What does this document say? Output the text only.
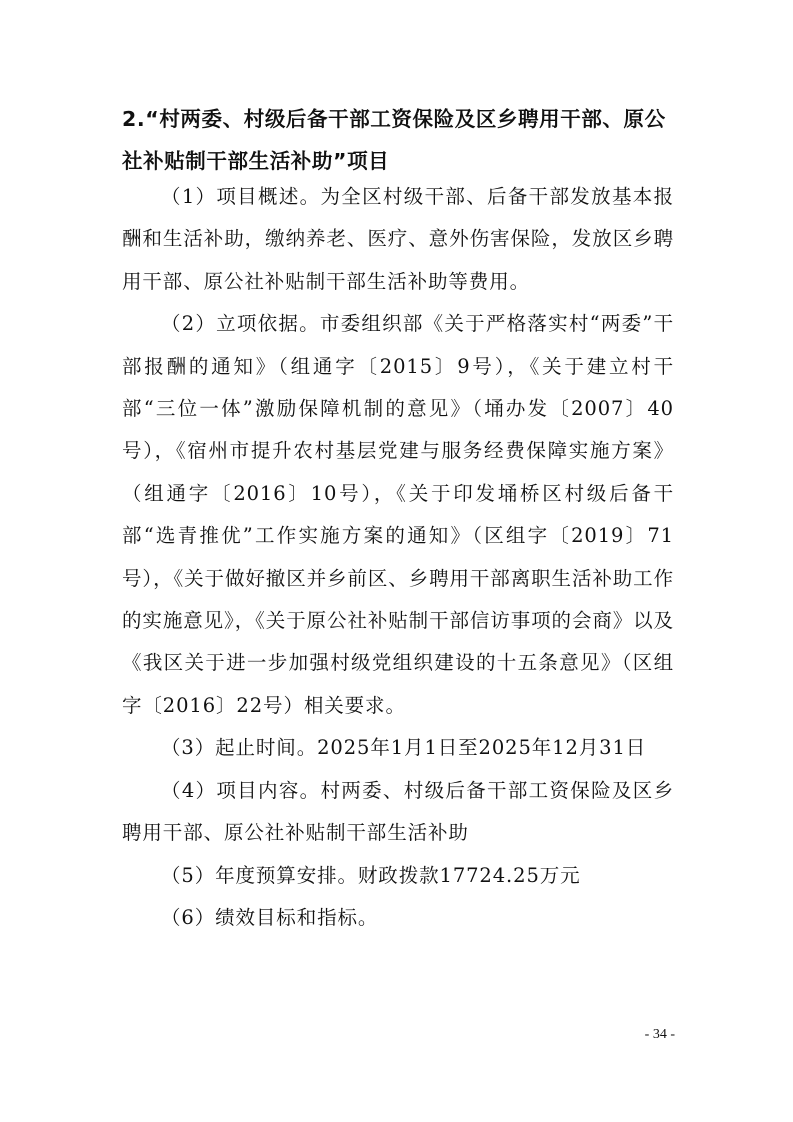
2.“村两委、村级后备干部工资保险及区乡聘用干部、原公社补贴制干部生活补助”项目

（1）项目概述。为全区村级干部、后备干部发放基本报酬和生活补助，缴纳养老、医疗、意外伤害保险，发放区乡聘用干部、原公社补贴制干部生活补助等费用。

（2）立项依据。市委组织部《关于严格落实村“两委”干部报酬的通知》（组通字〔2015〕9号），《关于建立村干部“三位一体”激励保障机制的意见》（埇办发〔2007〕40号），《宿州市提升农村基层党建与服务经费保障实施方案》（组通字〔2016〕10号），《关于印发埇桥区村级后备干部“选青推优”工作实施方案的通知》（区组字〔2019〕71号），《关于做好撤区并乡前区、乡聘用干部离职生活补助工作的实施意见》，《关于原公社补贴制干部信访事项的会商》以及《我区关于进一步加强村级党组织建设的十五条意见》（区组字〔2016〕22号）相关要求。

（3）起止时间。2025年1月1日至2025年12月31日

（4）项目内容。村两委、村级后备干部工资保险及区乡聘用干部、原公社补贴制干部生活补助

（5）年度预算安排。财政拨款17724.25万元

（6）绩效目标和指标。

- 34 -
